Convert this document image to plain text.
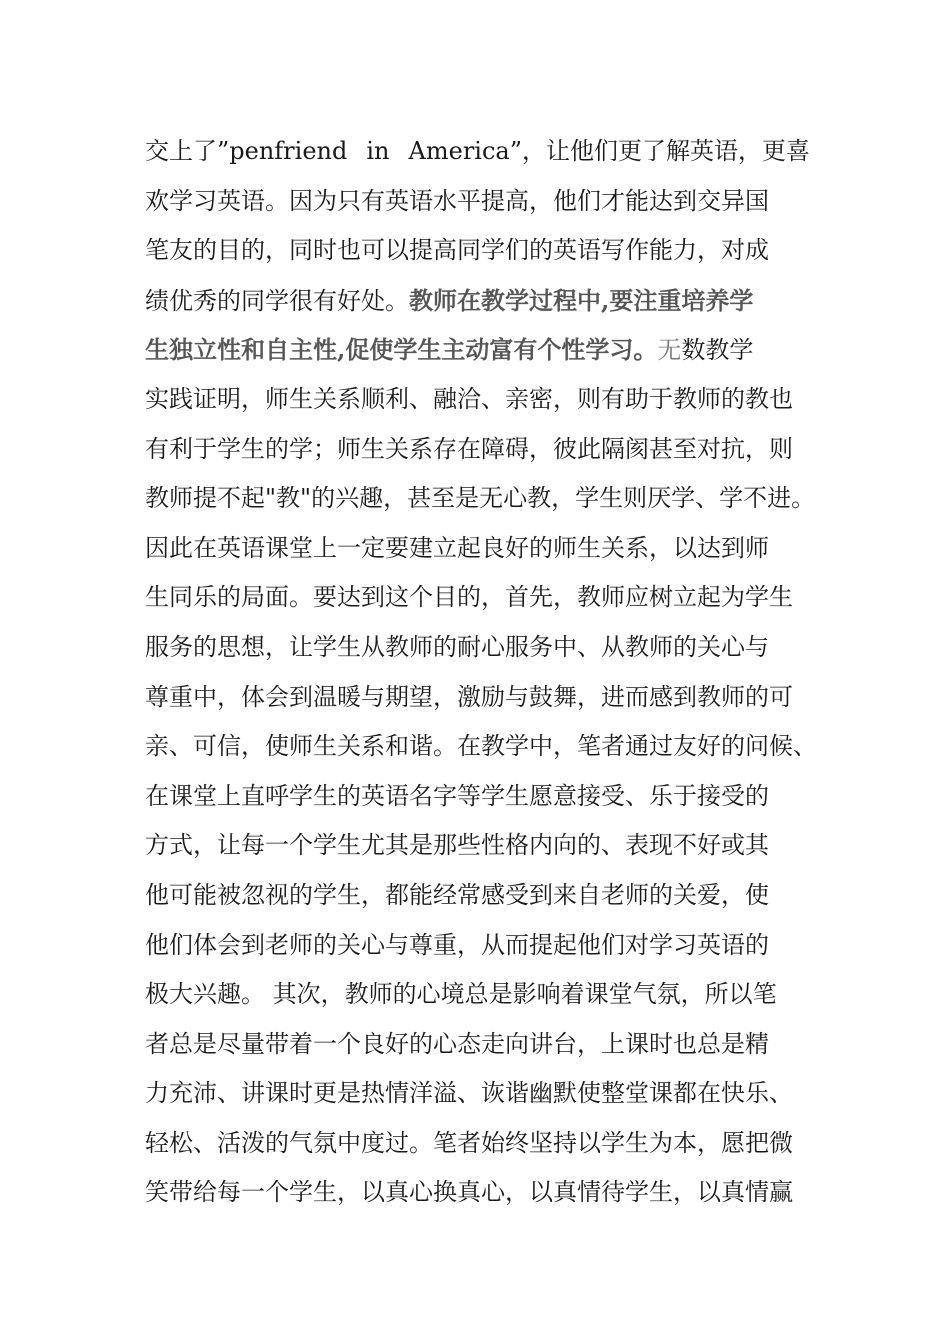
交上了”penfriend in America”，让他们更了解英语，更喜
欢学习英语。因为只有英语水平提高，他们才能达到交异国
笔友的目的，同时也可以提高同学们的英语写作能力，对成
绩优秀的同学很有好处。教师在教学过程中,要注重培养学
生独立性和自主性,促使学生主动富有个性学习。无数教学
实践证明，师生关系顺利、融洽、亲密，则有助于教师的教也
有利于学生的学；师生关系存在障碍，彼此隔阂甚至对抗，则
教师提不起"教"的兴趣，甚至是无心教，学生则厌学、学不进。
因此在英语课堂上一定要建立起良好的师生关系，以达到师
生同乐的局面。要达到这个目的，首先，教师应树立起为学生
服务的思想，让学生从教师的耐心服务中、从教师的关心与
尊重中，体会到温暖与期望，激励与鼓舞，进而感到教师的可
亲、可信，使师生关系和谐。在教学中，笔者通过友好的问候、
在课堂上直呼学生的英语名字等学生愿意接受、乐于接受的
方式，让每一个学生尤其是那些性格内向的、表现不好或其
他可能被忽视的学生，都能经常感受到来自老师的关爱，使
他们体会到老师的关心与尊重，从而提起他们对学习英语的
极大兴趣。 其次，教师的心境总是影响着课堂气氛，所以笔
者总是尽量带着一个良好的心态走向讲台，上课时也总是精
力充沛、讲课时更是热情洋溢、诙谐幽默使整堂课都在快乐、
轻松、活泼的气氛中度过。笔者始终坚持以学生为本，愿把微
笑带给每一个学生，以真心换真心，以真情待学生，以真情赢
